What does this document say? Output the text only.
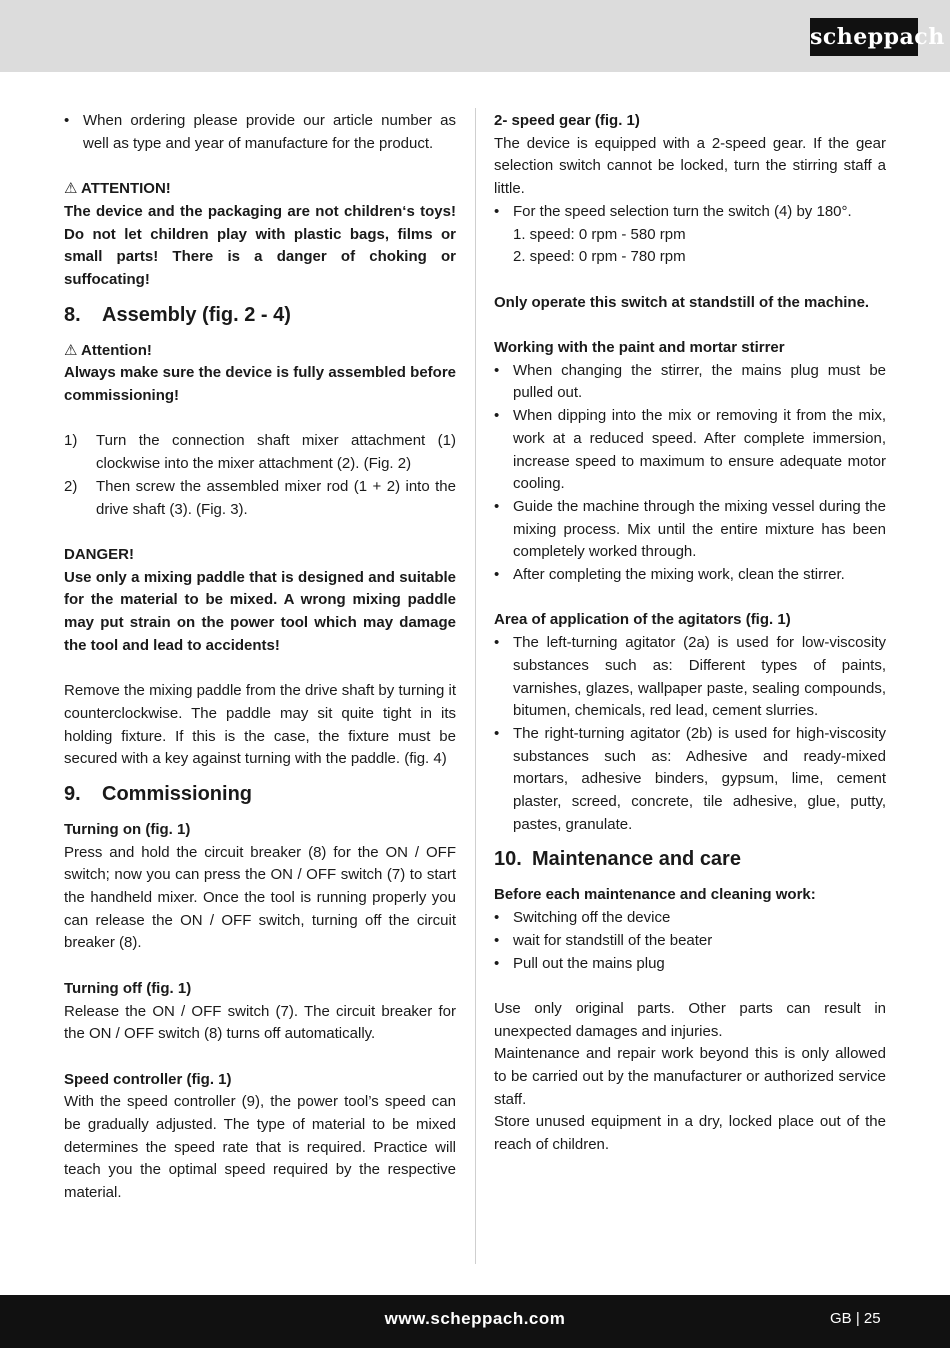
scheppach

• When ordering please provide our article number as well as type and year of manufacture for the product.

⚠ ATTENTION!

The device and the packaging are not children‘s toys! Do not let children play with plastic bags, films or small parts! There is a danger of choking or suffocating!

8. Assembly (fig. 2 - 4)

⚠ Attention!

Always make sure the device is fully assembled before commissioning!

1) Turn the connection shaft mixer attachment (1) clockwise into the mixer attachment (2). (Fig. 2)

2) Then screw the assembled mixer rod (1 + 2) into the drive shaft (3). (Fig. 3).

DANGER!

Use only a mixing paddle that is designed and suitable for the material to be mixed. A wrong mixing paddle may put strain on the power tool which may damage the tool and lead to accidents!

Remove the mixing paddle from the drive shaft by turning it counterclockwise. The paddle may sit quite tight in its holding fixture. If this is the case, the fixture must be secured with a key against turning with the paddle. (fig. 4)

9. Commissioning

Turning on (fig. 1)

Press and hold the circuit breaker (8) for the ON / OFF switch; now you can press the ON / OFF switch (7) to start the handheld mixer. Once the tool is running properly you can release the ON / OFF switch, turning off the circuit breaker (8).

Turning off (fig. 1)

Release the ON / OFF switch (7). The circuit breaker for the ON / OFF switch (8) turns off automatically.

Speed controller (fig. 1)

With the speed controller (9), the power tool’s speed can be gradually adjusted. The type of material to be mixed determines the speed rate that is required. Practice will teach you the optimal speed required by the respective material.

2- speed gear (fig. 1)

The device is equipped with a 2-speed gear. If the gear selection switch cannot be locked, turn the stirring staff a little.

• For the speed selection turn the switch (4) by 180°.

1. speed: 0 rpm - 580 rpm

2. speed: 0 rpm - 780 rpm

Only operate this switch at standstill of the machine.

Working with the paint and mortar stirrer

• When changing the stirrer, the mains plug must be pulled out.

• When dipping into the mix or removing it from the mix, work at a reduced speed. After complete immersion, increase speed to maximum to ensure adequate motor cooling.

• Guide the machine through the mixing vessel during the mixing process. Mix until the entire mixture has been completely worked through.

• After completing the mixing work, clean the stirrer.

Area of application of the agitators (fig. 1)

• The left-turning agitator (2a) is used for low-viscosity substances such as: Different types of paints, varnishes, glazes, wallpaper paste, sealing compounds, bitumen, chemicals, red lead, cement slurries.

• The right-turning agitator (2b) is used for high-viscosity substances such as: Adhesive and ready-mixed mortars, adhesive binders, gypsum, lime, cement plaster, screed, concrete, tile adhesive, glue, putty, pastes, granulate.

10. Maintenance and care

Before each maintenance and cleaning work:

• Switching off the device

• wait for standstill of the beater

• Pull out the mains plug

Use only original parts. Other parts can result in unexpected damages and injuries.

Maintenance and repair work beyond this is only allowed to be carried out by the manufacturer or authorized service staff.

Store unused equipment in a dry, locked place out of the reach of children.

www.scheppach.com	GB | 25
